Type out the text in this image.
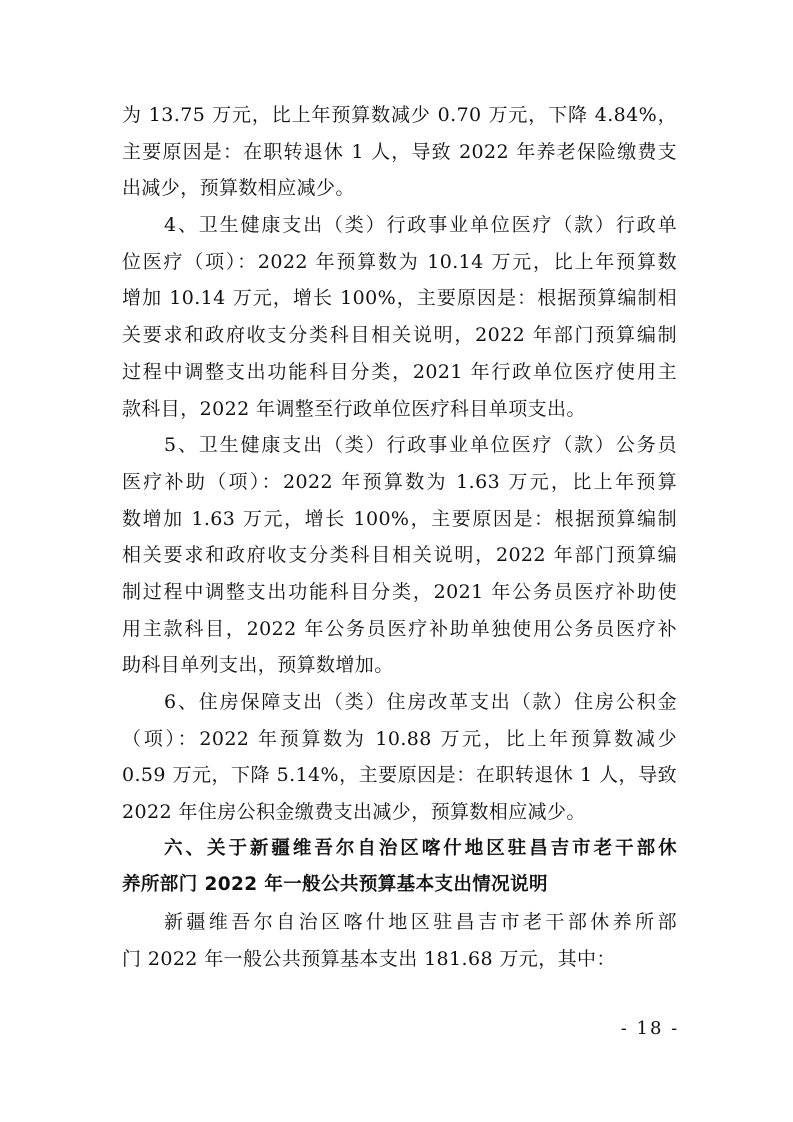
为 13.75 万元，比上年预算数减少 0.70 万元，下降 4.84%，
主要原因是：在职转退休 1 人，导致 2022 年养老保险缴费支
出减少，预算数相应减少。
4、卫生健康支出（类）行政事业单位医疗（款）行政单
位医疗（项）：2022 年预算数为 10.14 万元，比上年预算数
增加 10.14 万元，增长 100%，主要原因是：根据预算编制相
关要求和政府收支分类科目相关说明，2022 年部门预算编制
过程中调整支出功能科目分类，2021 年行政单位医疗使用主
款科目，2022 年调整至行政单位医疗科目单项支出。
5、卫生健康支出（类）行政事业单位医疗（款）公务员
医疗补助（项）：2022 年预算数为 1.63 万元，比上年预算
数增加 1.63 万元，增长 100%，主要原因是：根据预算编制
相关要求和政府收支分类科目相关说明，2022 年部门预算编
制过程中调整支出功能科目分类，2021 年公务员医疗补助使
用主款科目，2022 年公务员医疗补助单独使用公务员医疗补
助科目单列支出，预算数增加。
6、住房保障支出（类）住房改革支出（款）住房公积金
（项）：2022 年预算数为 10.88 万元，比上年预算数减少
0.59 万元，下降 5.14%，主要原因是：在职转退休 1 人，导致
2022 年住房公积金缴费支出减少，预算数相应减少。
六、关于新疆维吾尔自治区喀什地区驻昌吉市老干部休
养所部门 2022 年一般公共预算基本支出情况说明
新疆维吾尔自治区喀什地区驻昌吉市老干部休养所部
门 2022 年一般公共预算基本支出 181.68 万元，其中：
- 18 -
